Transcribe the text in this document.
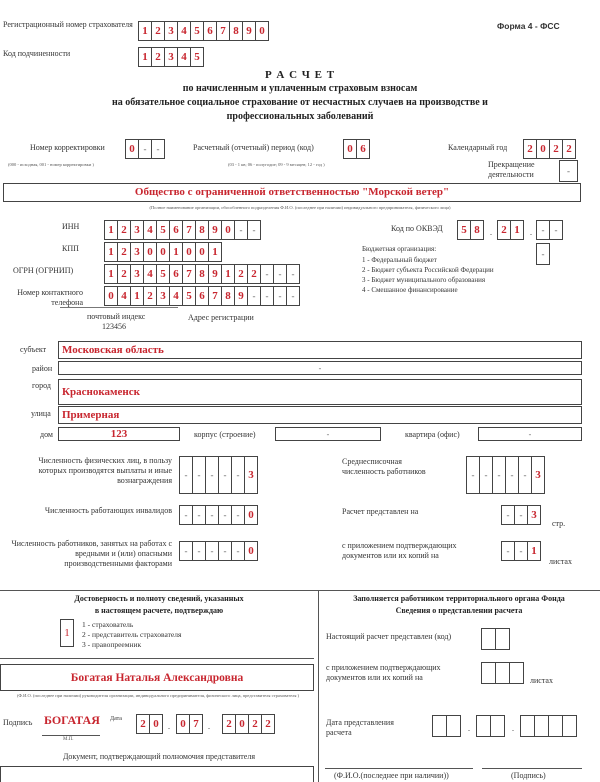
Регистрационный номер страхователя
1 2 3 4 5 6 7 8 9 0
Код подчиненности	1 2 3 4 5
Форма 4 - ФСС
Р А С Ч Е Т
по начисленным и уплаченным страховым взносам
на обязательное социальное страхование от несчастных случаев на производстве и
профессиональных заболеваний
Номер корректировки	0 -	-
(000 - исходная, 001 - номер корректировки )
Расчетный (отчетный) период (код)	0 6
(03 - 1 кв; 06 - полугодие; 09 - 9 месяцев; 12 - год )
Календарный год	2 0 2 2
Прекращение деятельности	-
Общество с ограниченной ответственностью "Морской ветер"
(Полное наименование организации, обособленного подразделения Ф.И.О. (последнее при наличии) индивидуального предпринимателя, физического лица)
ИНН	1 2 3 4 5 6 7 8 9 0 -	-
КПП	1 2 3 0 0 1 0 0 1
ОГРН (ОГРНИП)	1 2 3 4 5 6 7 8 9 1 2 2 -	-	-
Номер контактного телефона
0 4 1 2 3 4 5 6 7 8 9 -	-	-	-
почтовый индекс
123456
Адрес регистрации
Код по ОКВЭД	5 8	. 2 1	.	-	-
Бюджетная организация:
1 - Федеральный бюджет
2 - Бюджет субъекта Российской Федерации
3 - Бюджет муниципального образования
4 - Смешанное финансирование
-
субъект Московская область
район	-
город
Краснокаменск
улица Примерная
дом	123	корпус (строение)	-	квартира (офис)	-
Численность физических лиц, в пользу которых производятся выплаты и иные вознаграждения
-	-	-	-	- 3
Численность работающих инвалидов	-	-	-	-	- 0
Численность работников, занятых на работах с вредными и (или) опасными производственными факторами
-	-	-	-	- 0
Среднесписочная численность работников	-	-	-	-	- 3
Расчет представлен на	-	- 3
стр.
с приложением подтверждающих документов или их копий на	-	- 1
листах
Достоверность и полноту сведений, указанных
в настоящем расчете, подтверждаю
1
1 - страхователь
2 - представитель страхователя
3 - правопреемник
Богатая Наталья Александровна
(Ф.И.О. (последнее при наличии) руководителя организации, индивидуального предпринимателя, физического лица, представителя страхователя )
Подпись БОГАТАЯ
М.П.
Дата	2 0	. 0 7	.	2 0 2 2
Документ, подтверждающий полномочия представителя
Заполняется работником территориального органа Фонда
Сведения о представлении расчета
Настоящий расчет представлен (код)
с приложением подтверждающих документов или их копий на	листах
Дата представления расчета	.	.
(Ф.И.О.(последнее при наличии))	(Подпись)
